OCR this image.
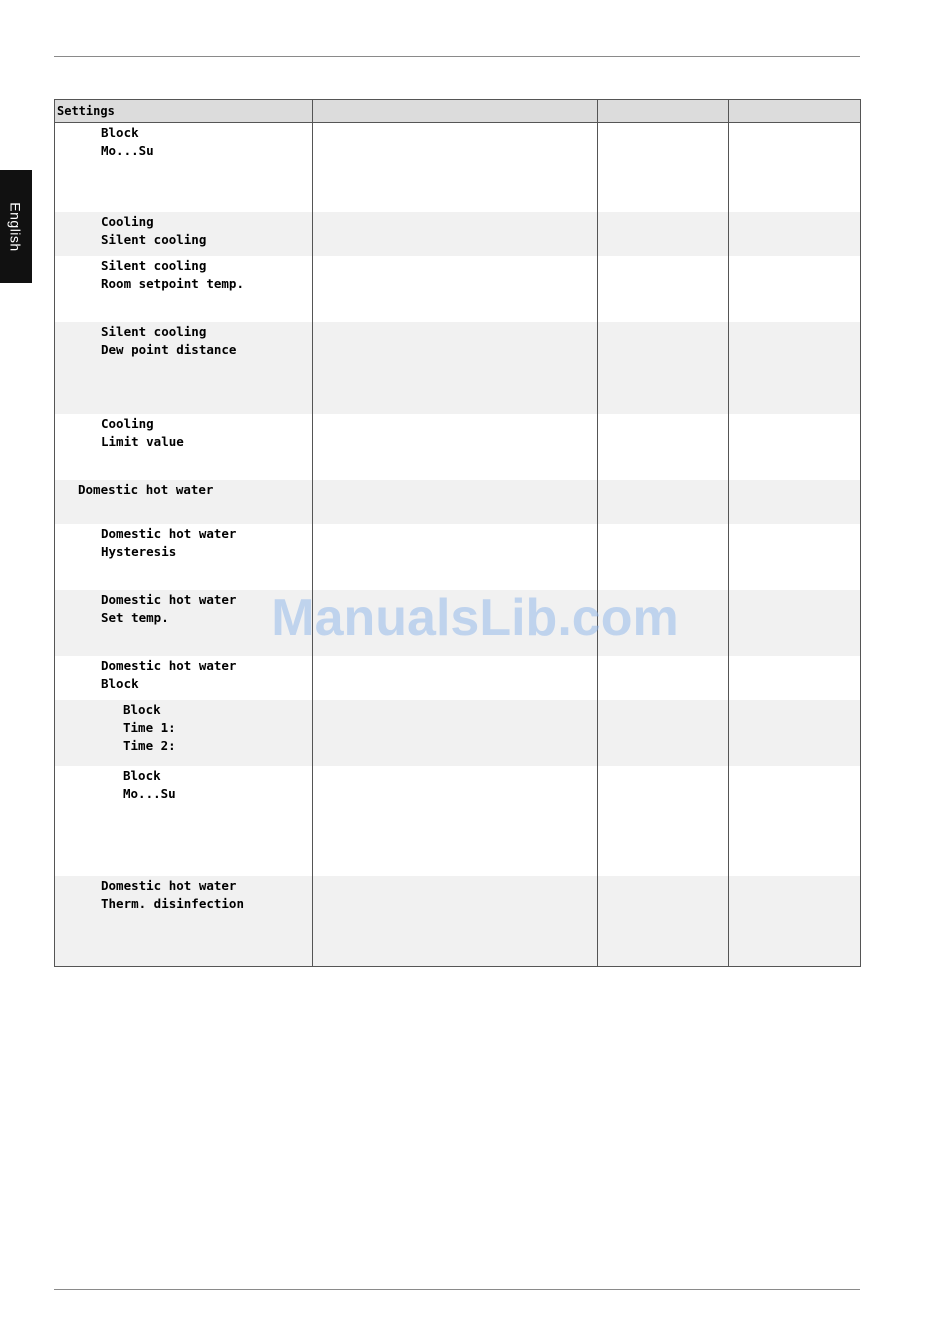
English
Settings			

Block
Mo...Su			

Cooling
Silent cooling			

Silent cooling
Room setpoint temp.			

Silent cooling
Dew point distance			

Cooling
Limit value			

Domestic hot water			

Domestic hot water
Hysteresis			

Domestic hot water
Set temp.			

Domestic hot water
Block			

Block
Time 1:
Time 2:			

Block
Mo...Su			

Domestic hot water
Therm. disinfection			

ManualsLib.com
